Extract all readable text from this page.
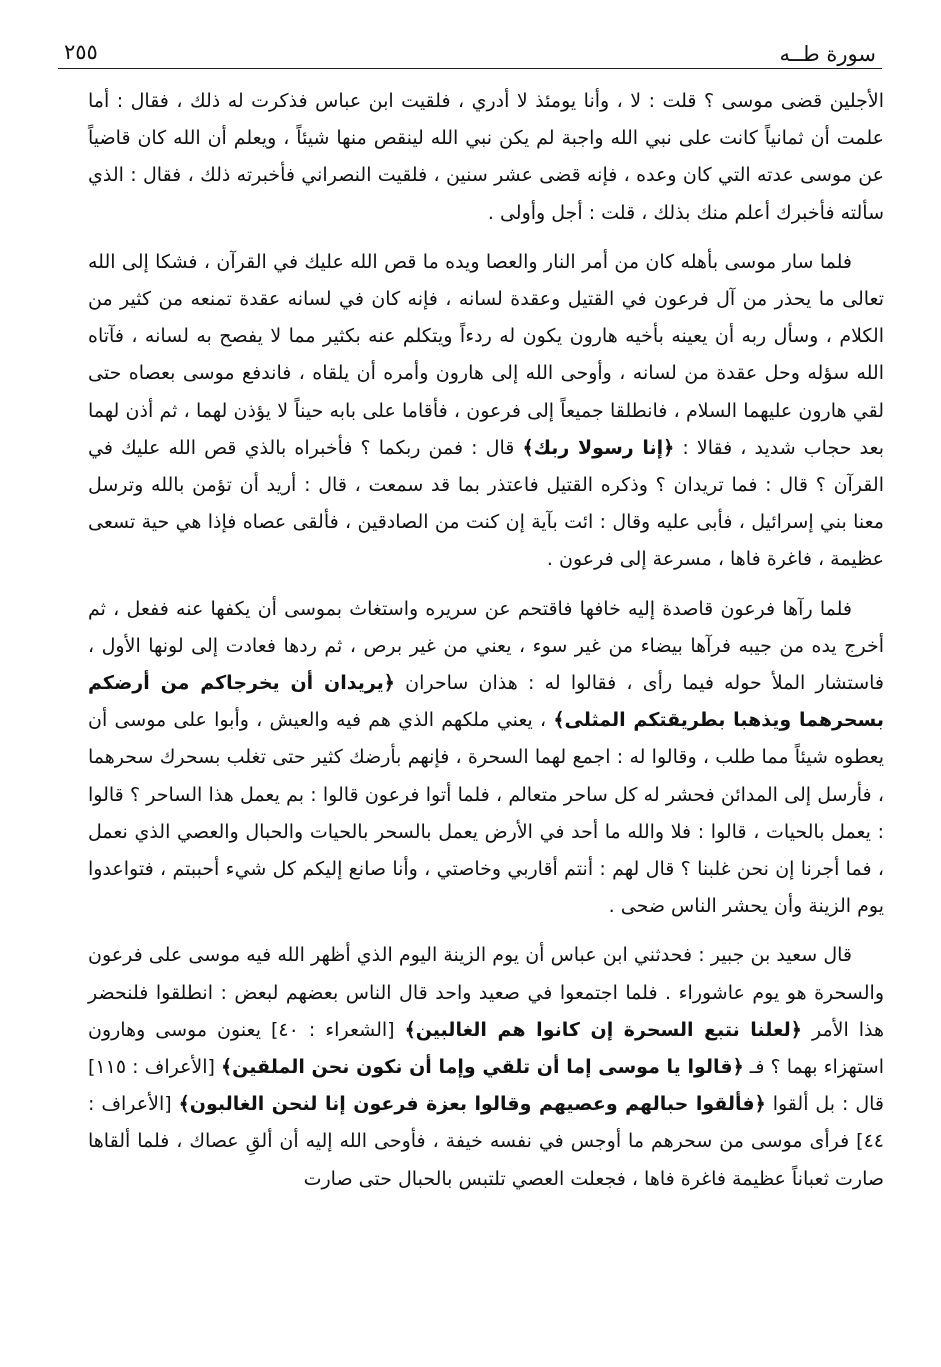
سورة طــه
٢٥٥

الأجلين قضى موسى ؟ قلت : لا ، وأنا يومئذ لا أدري ، فلقيت ابن عباس فذكرت له ذلك ، فقال : أما علمت أن ثمانياً كانت على نبي الله واجبة لم يكن نبي الله لينقص منها شيئاً ، ويعلم أن الله كان قاضياً عن موسى عدته التي كان وعده ، فإنه قضى عشر سنين ، فلقيت النصراني فأخبرته ذلك ، فقال : الذي سألته فأخبرك أعلم منك بذلك ، قلت : أجل وأولى .

فلما سار موسى بأهله كان من أمر النار والعصا ويده ما قص الله عليك في القرآن ، فشكا إلى الله تعالى ما يحذر من آل فرعون في القتيل وعقدة لسانه ، فإنه كان في لسانه عقدة تمنعه من كثير من الكلام ، وسأل ربه أن يعينه بأخيه هارون يكون له ردءاً ويتكلم عنه بكثير مما لا يفصح به لسانه ، فآتاه الله سؤله وحل عقدة من لسانه ، وأوحى الله إلى هارون وأمره أن يلقاه ، فاندفع موسى بعصاه حتى لقي هارون عليهما السلام ، فانطلقا جميعاً إلى فرعون ، فأقاما على بابه حيناً لا يؤذن لهما ، ثم أذن لهما بعد حجاب شديد ، فقالا : ﴿إنا رسولا ربك﴾ قال : فمن ربكما ؟ فأخبراه بالذي قص الله عليك في القرآن ؟ قال : فما تريدان ؟ وذكره القتيل فاعتذر بما قد سمعت ، قال : أريد أن تؤمن بالله وترسل معنا بني إسرائيل ، فأبى عليه وقال : ائت بآية إن كنت من الصادقين ، فألقى عصاه فإذا هي حية تسعى عظيمة ، فاغرة فاها ، مسرعة إلى فرعون .

فلما رآها فرعون قاصدة إليه خافها فاقتحم عن سريره واستغاث بموسى أن يكفها عنه ففعل ، ثم أخرج يده من جيبه فرآها بيضاء من غير سوء ، يعني من غير برص ، ثم ردها فعادت إلى لونها الأول ، فاستشار الملأ حوله فيما رأى ، فقالوا له : هذان ساحران ﴿يريدان أن يخرجاكم من أرضكم بسحرهما ويذهبا بطريقتكم المثلى﴾ ، يعني ملكهم الذي هم فيه والعيش ، وأبوا على موسى أن يعطوه شيئاً مما طلب ، وقالوا له : اجمع لهما السحرة ، فإنهم بأرضك كثير حتى تغلب بسحرك سحرهما ، فأرسل إلى المدائن فحشر له كل ساحر متعالم ، فلما أتوا فرعون قالوا : بم يعمل هذا الساحر ؟ قالوا : يعمل بالحيات ، قالوا : فلا والله ما أحد في الأرض يعمل بالسحر بالحيات والحبال والعصي الذي نعمل ، فما أجرنا إن نحن غلبنا ؟ قال لهم : أنتم أقاربي وخاصتي ، وأنا صانع إليكم كل شيء أحببتم ، فتواعدوا يوم الزينة وأن يحشر الناس ضحى .

قال سعيد بن جبير : فحدثني ابن عباس أن يوم الزينة اليوم الذي أظهر الله فيه موسى على فرعون والسحرة هو يوم عاشوراء . فلما اجتمعوا في صعيد واحد قال الناس بعضهم لبعض : انطلقوا فلنحضر هذا الأمر ﴿لعلنا نتبع السحرة إن كانوا هم الغالبين﴾ [الشعراء : ٤٠] يعنون موسى وهارون استهزاء بهما ؟ فـ ﴿قالوا يا موسى إما أن تلقي وإما أن نكون نحن الملقين﴾ [الأعراف : ١١٥] قال : بل ألقوا ﴿فألقوا حبالهم وعصيهم وقالوا بعزة فرعون إنا لنحن الغالبون﴾ [الأعراف : ٤٤] فرأى موسى من سحرهم ما أوجس في نفسه خيفة ، فأوحى الله إليه أن ألقِ عصاك ، فلما ألقاها صارت ثعباناً عظيمة فاغرة فاها ، فجعلت العصي تلتبس بالحبال حتى صارت
